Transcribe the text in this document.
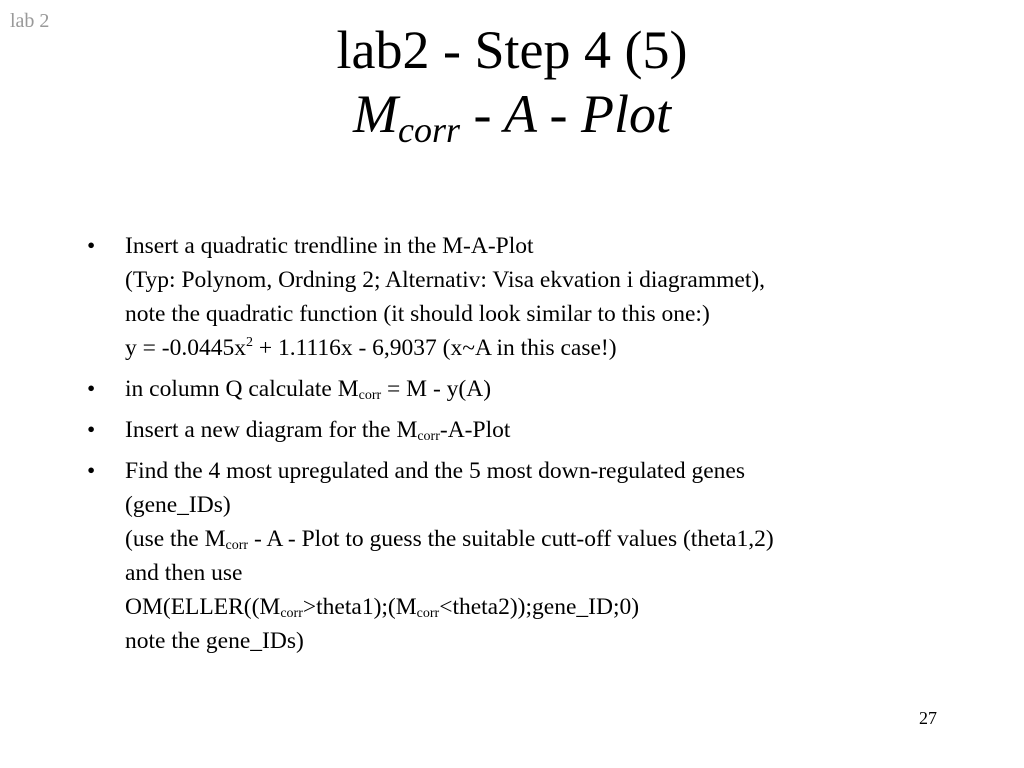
lab 2	lab2 - Step 4 (5)
$M_{corr}$ - A - Plot
• Insert a quadratic trendline in the M-A-Plot
(Typ: Polynom, Ordning 2; Alternativ: Visa ekvation i diagrammet),
note the quadratic function (it should look similar to this one:)
$y = -0.0445x^2 + 1.1116x - 6,9037$ (x~A in this case!)
• in column Q calculate $M_{corr} = M - y(A)$
• Insert a new diagram for the $M_{corr}-A$-Plot
• Find the 4 most upregulated and the 5 most down-regulated genes
(gene_IDs)
(use the $M_{corr}$ - A - Plot to guess the suitable cutt-off values (theta1,2)
and then use
$OM(ELLER((M_{corr}>theta1);(M_{corr}<theta2));gene\_ID;0)$
note the gene_IDs)
27
